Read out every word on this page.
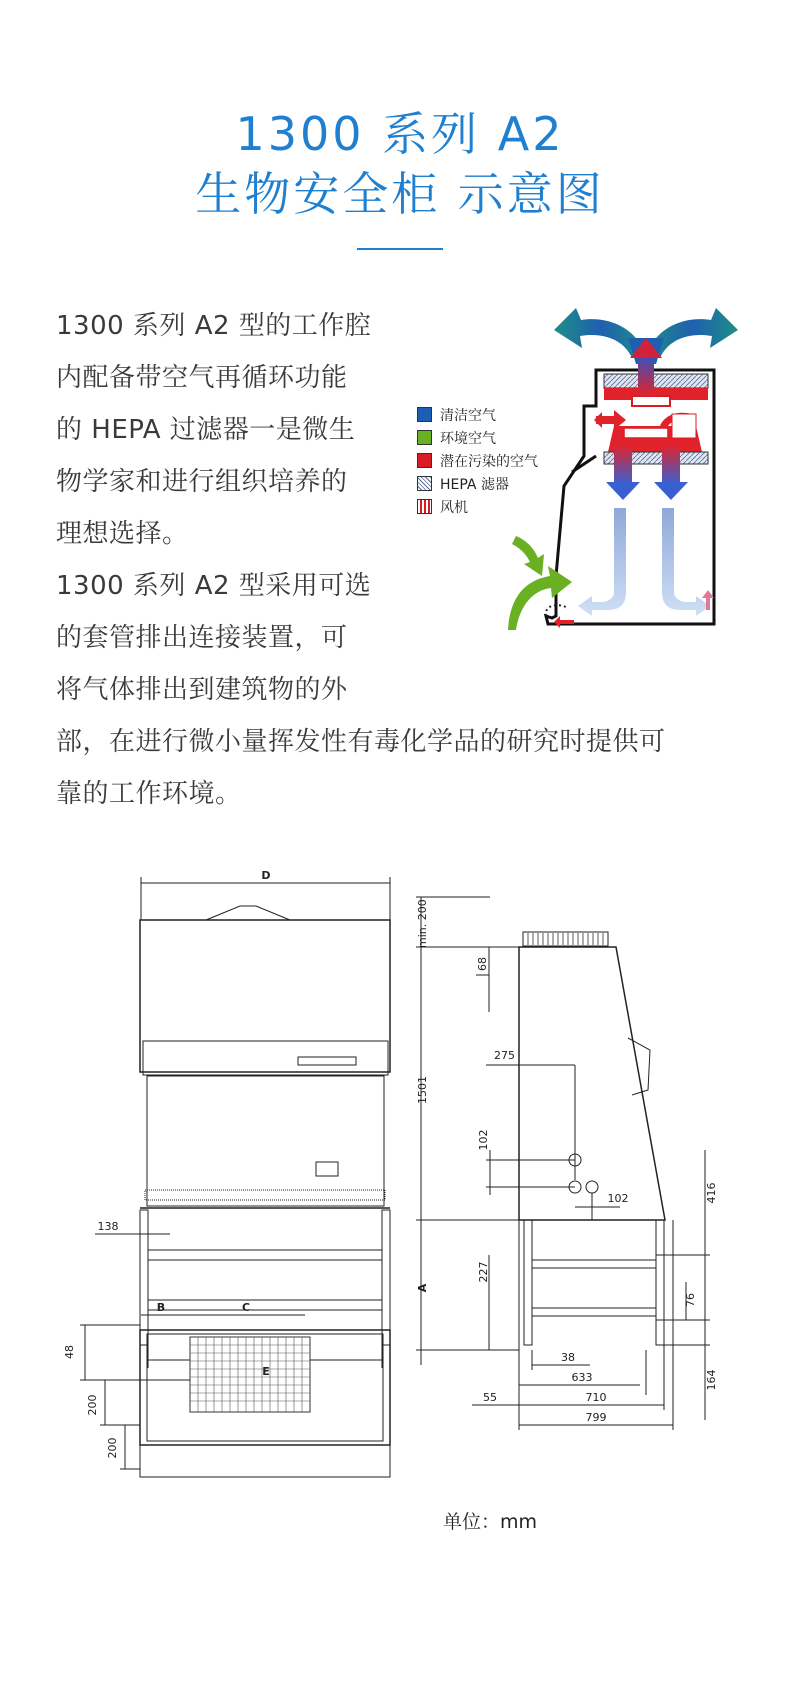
1300 系列 A2
生物安全柜 示意图
1300 系列 A2 型的工作腔
内配备带空气再循环功能
的 HEPA 过滤器一是微生
物学家和进行组织培养的
理想选择。
1300 系列 A2 型采用可选
的套管排出连接装置，可
将气体排出到建筑物的外
部，在进行微小量挥发性有毒化学品的研究时提供可
靠的工作环境。
清洁空气
环境空气
潜在污染的空气
HEPA 滤器
风机
D
E
138
A
min. 200
68
1501
275
102
102	416
227
76
38
633
55	710
164
799
B	C
48
200
200
单位：mm
